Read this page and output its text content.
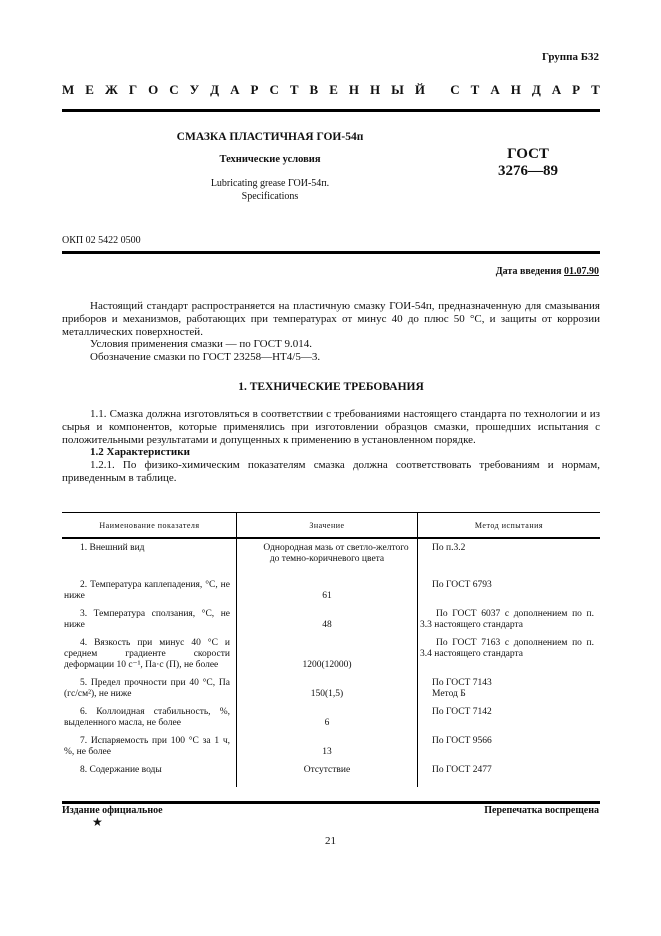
Группа Б32
М Е Ж Г О С У Д А Р С Т В Е Н Н Ы Й
С Т А Н Д А Р Т
СМАЗКА ПЛАСТИЧНАЯ ГОИ-54п
Технические условия
Lubricating grease ГОИ-54п.
Specifications
ГОСТ
3276—89
ОКП 02 5422 0500
Дата введения 01.07.90

Настоящий стандарт распространяется на пластичную смазку ГОИ-54п, предназначенную для смазывания приборов и механизмов, работающих при температурах от минус 40 до плюс 50 °С, и защиты от коррозии металлических поверхностей.

Условия применения смазки — по ГОСТ 9.014.

Обозначение смазки по ГОСТ 23258—НТ4/5—3.

1. ТЕХНИЧЕСКИЕ ТРЕБОВАНИЯ

1.1. Смазка должна изготовляться в соответствии с требованиями настоящего стандарта по технологии и из сырья и компонентов, которые применялись при изготовлении образцов смазки, прошедших испытания с положительными результатами и допущенных к применению в установленном порядке.

1.2 Характеристики

1.2.1. По физико-химическим показателям смазка должна соответствовать требованиям и нормам, приведенным в таблице.

Наименование показателя	Значение	Метод испытания
1. Внешний вид	Однородная мазь от светло-желтого до темно-коричневого цвета	По п.3.2
2. Температура каплепадения, °С, не ниже	61	По ГОСТ 6793
3. Температура сползания, °С, не ниже	48	По ГОСТ 6037 с дополнением по п. 3.3 настоящего стандарта
4. Вязкость при минус 40 °С и среднем градиенте скорости деформации 10 с⁻¹, Па·с (П), не более	1200(12000)	По ГОСТ 7163 с дополнением по п. 3.4 настоящего стандарта
5. Предел прочности при 40 °С, Па (гс/см²), не ниже	150(1,5)	По ГОСТ 7143
Метод Б

6. Коллоидная стабильность, %, выделенного масла, не более	6	По ГОСТ 7142
7. Испаряемость при 100 °С за 1 ч, %, не более	13	По ГОСТ 9566
8. Содержание воды	Отсутствие	По ГОСТ 2477
Издание официальное
★
Перепечатка воспрещена
21
